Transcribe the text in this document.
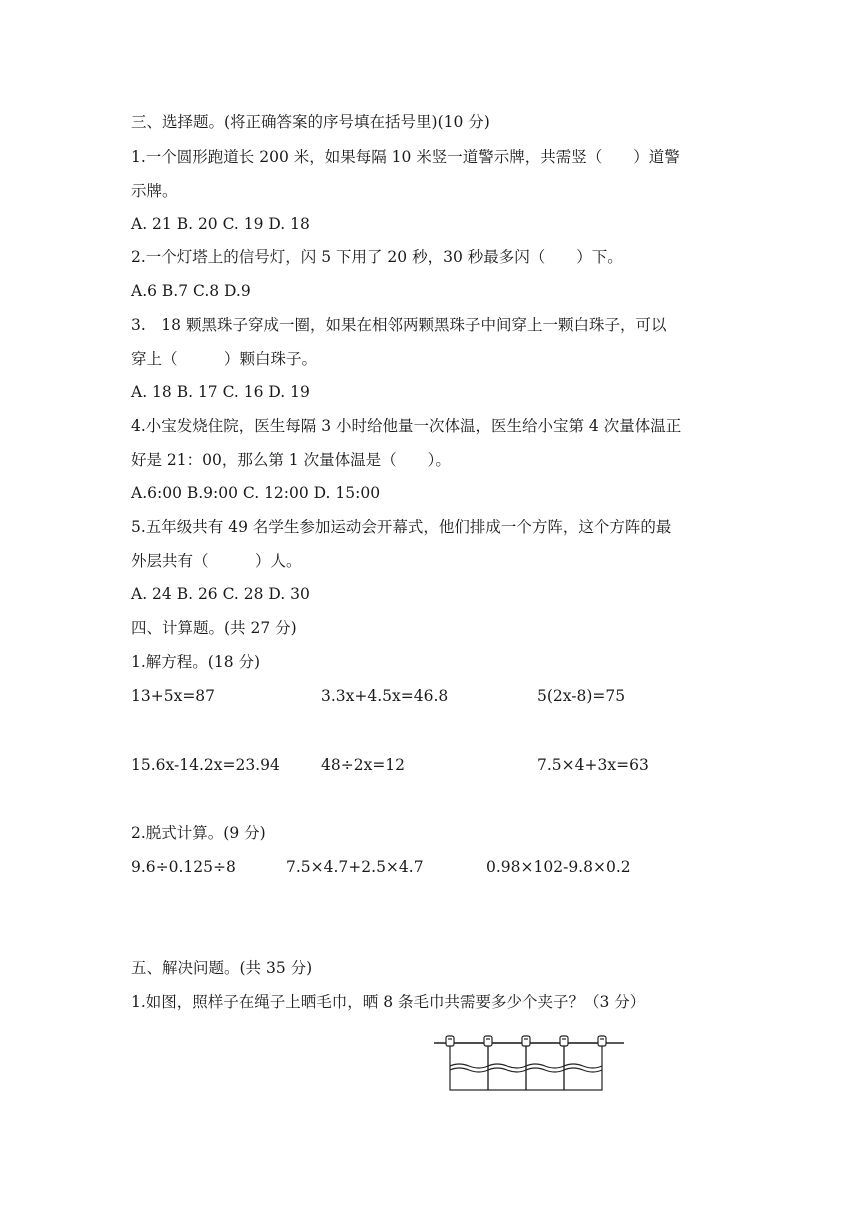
三、选择题。(将正确答案的序号填在括号里)(10 分)
1.一个圆形跑道长 200 米，如果每隔 10 米竖一道警示牌，共需竖（　　）道警
示牌。
A. 21 B. 20 C. 19 D. 18
2.一个灯塔上的信号灯，闪 5 下用了 20 秒，30 秒最多闪（　　）下。
A.6 B.7 C.8 D.9
3.　18 颗黑珠子穿成一圈，如果在相邻两颗黑珠子中间穿上一颗白珠子，可以
穿上（　　　）颗白珠子。
A. 18 B. 17 C. 16 D. 19
4.小宝发烧住院，医生每隔 3 小时给他量一次体温，医生给小宝第 4 次量体温正
好是 21：00，那么第 1 次量体温是（　　）。
A.6:00 B.9:00 C. 12:00 D. 15:00
5.五年级共有 49 名学生参加运动会开幕式，他们排成一个方阵，这个方阵的最
外层共有（　　　）人。
A. 24 B. 26 C. 28 D. 30
四、计算题。(共 27 分)
1.解方程。(18 分)
13+5x=87	3.3x+4.5x=46.8	5(2x-8)=75
15.6x-14.2x=23.94	48÷2x=12	7.5×4+3x=63
2.脱式计算。(9 分)
9.6÷0.125÷8	7.5×4.7+2.5×4.7	0.98×102-9.8×0.2
五、解决问题。(共 35 分)
1.如图，照样子在绳子上晒毛巾，晒 8 条毛巾共需要多少个夹子？（3 分）
